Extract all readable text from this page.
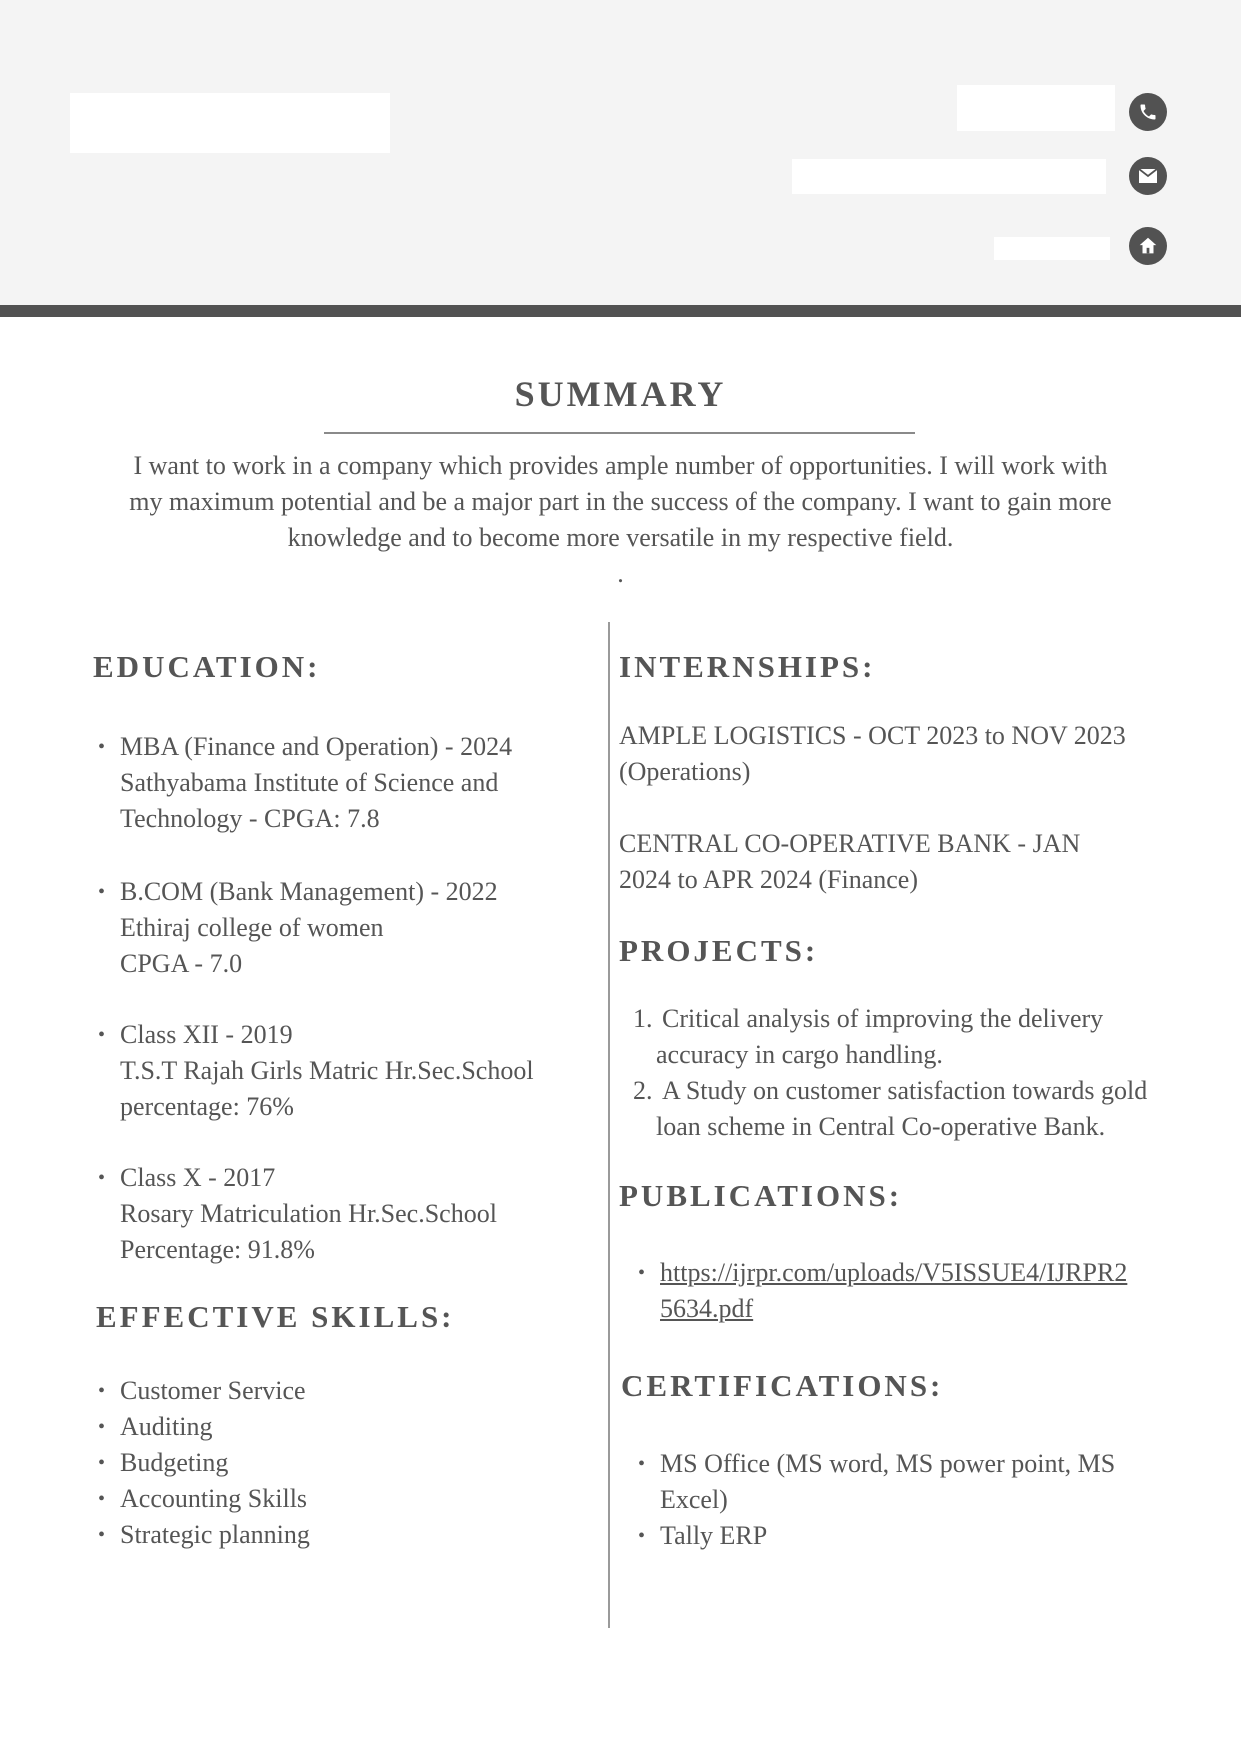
SUMMARY
I want to work in a company which provides ample number of opportunities. I will work with
my maximum potential and be a major part in the success of the company. I want to gain more
knowledge and to become more versatile in my respective field.
.
EDUCATION:
• MBA (Finance and Operation) - 2024
Sathyabama Institute of Science and
Technology - CPGA: 7.8
• B.COM (Bank Management) - 2022
Ethiraj college of women
CPGA - 7.0
• Class XII - 2019
T.S.T Rajah Girls Matric Hr.Sec.School
percentage: 76%
• Class X - 2017
Rosary Matriculation Hr.Sec.School
Percentage: 91.8%
EFFECTIVE SKILLS:
• Customer Service
• Auditing
• Budgeting
• Accounting Skills
• Strategic planning
INTERNSHIPS:
AMPLE LOGISTICS - OCT 2023 to NOV 2023
(Operations)
CENTRAL CO-OPERATIVE BANK - JAN
2024 to APR 2024 (Finance)
PROJECTS:
1. Critical analysis of improving the delivery
accuracy in cargo handling.
2. A Study on customer satisfaction towards gold
loan scheme in Central Co-operative Bank.
PUBLICATIONS:
• https://ijrpr.com/uploads/V5ISSUE4/IJRPR2
5634.pdf
CERTIFICATIONS:
• MS Office (MS word, MS power point, MS
Excel)
• Tally ERP
